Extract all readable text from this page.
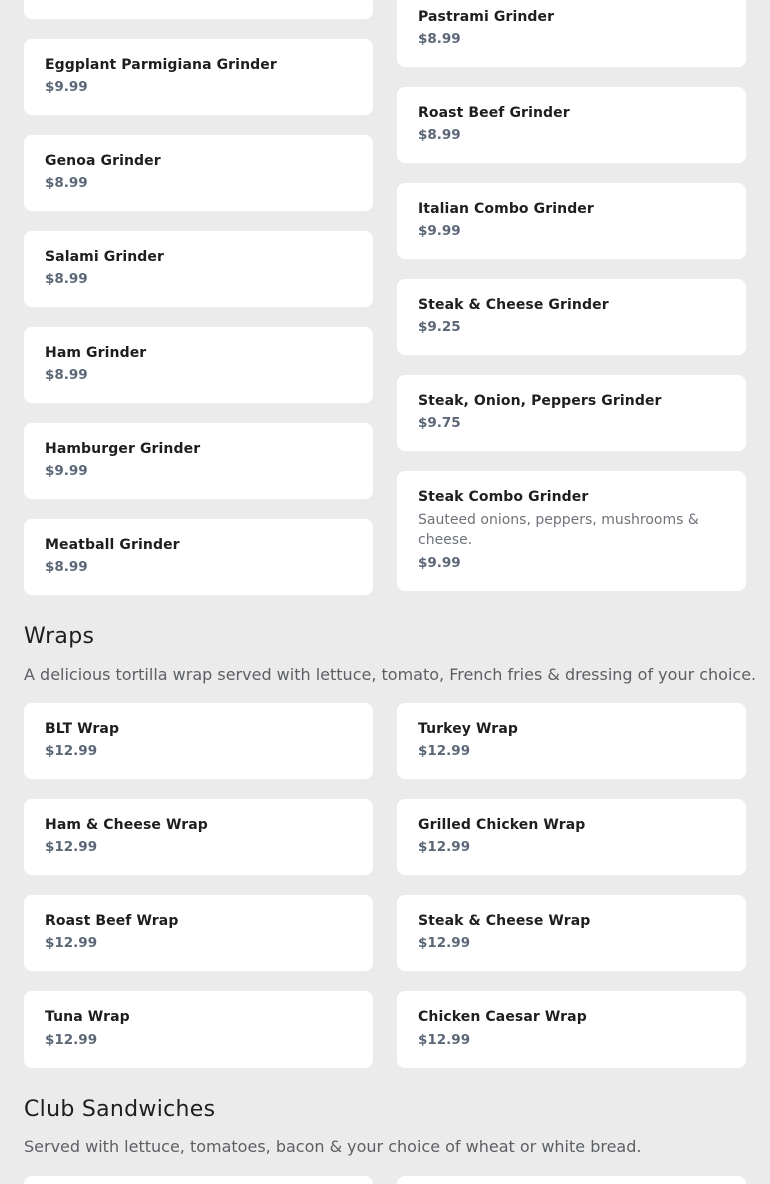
Eggplant Parmigiana Grinder
$9.99
Genoa Grinder
$8.99
Salami Grinder
$8.99
Ham Grinder
$8.99
Hamburger Grinder
$9.99
Meatball Grinder
$8.99
Pastrami Grinder
$8.99
Roast Beef Grinder
$8.99
Italian Combo Grinder
$9.99
Steak & Cheese Grinder
$9.25
Steak, Onion, Peppers Grinder
$9.75
Steak Combo Grinder
Sauteed onions, peppers, mushrooms & cheese.
$9.99
Wraps

A delicious tortilla wrap served with lettuce, tomato, French fries & dressing of your choice.

BLT Wrap
$12.99
Ham & Cheese Wrap
$12.99
Roast Beef Wrap
$12.99
Tuna Wrap
$12.99
Turkey Wrap
$12.99
Grilled Chicken Wrap
$12.99
Steak & Cheese Wrap
$12.99
Chicken Caesar Wrap
$12.99
Club Sandwiches

Served with lettuce, tomatoes, bacon & your choice of wheat or white bread.
